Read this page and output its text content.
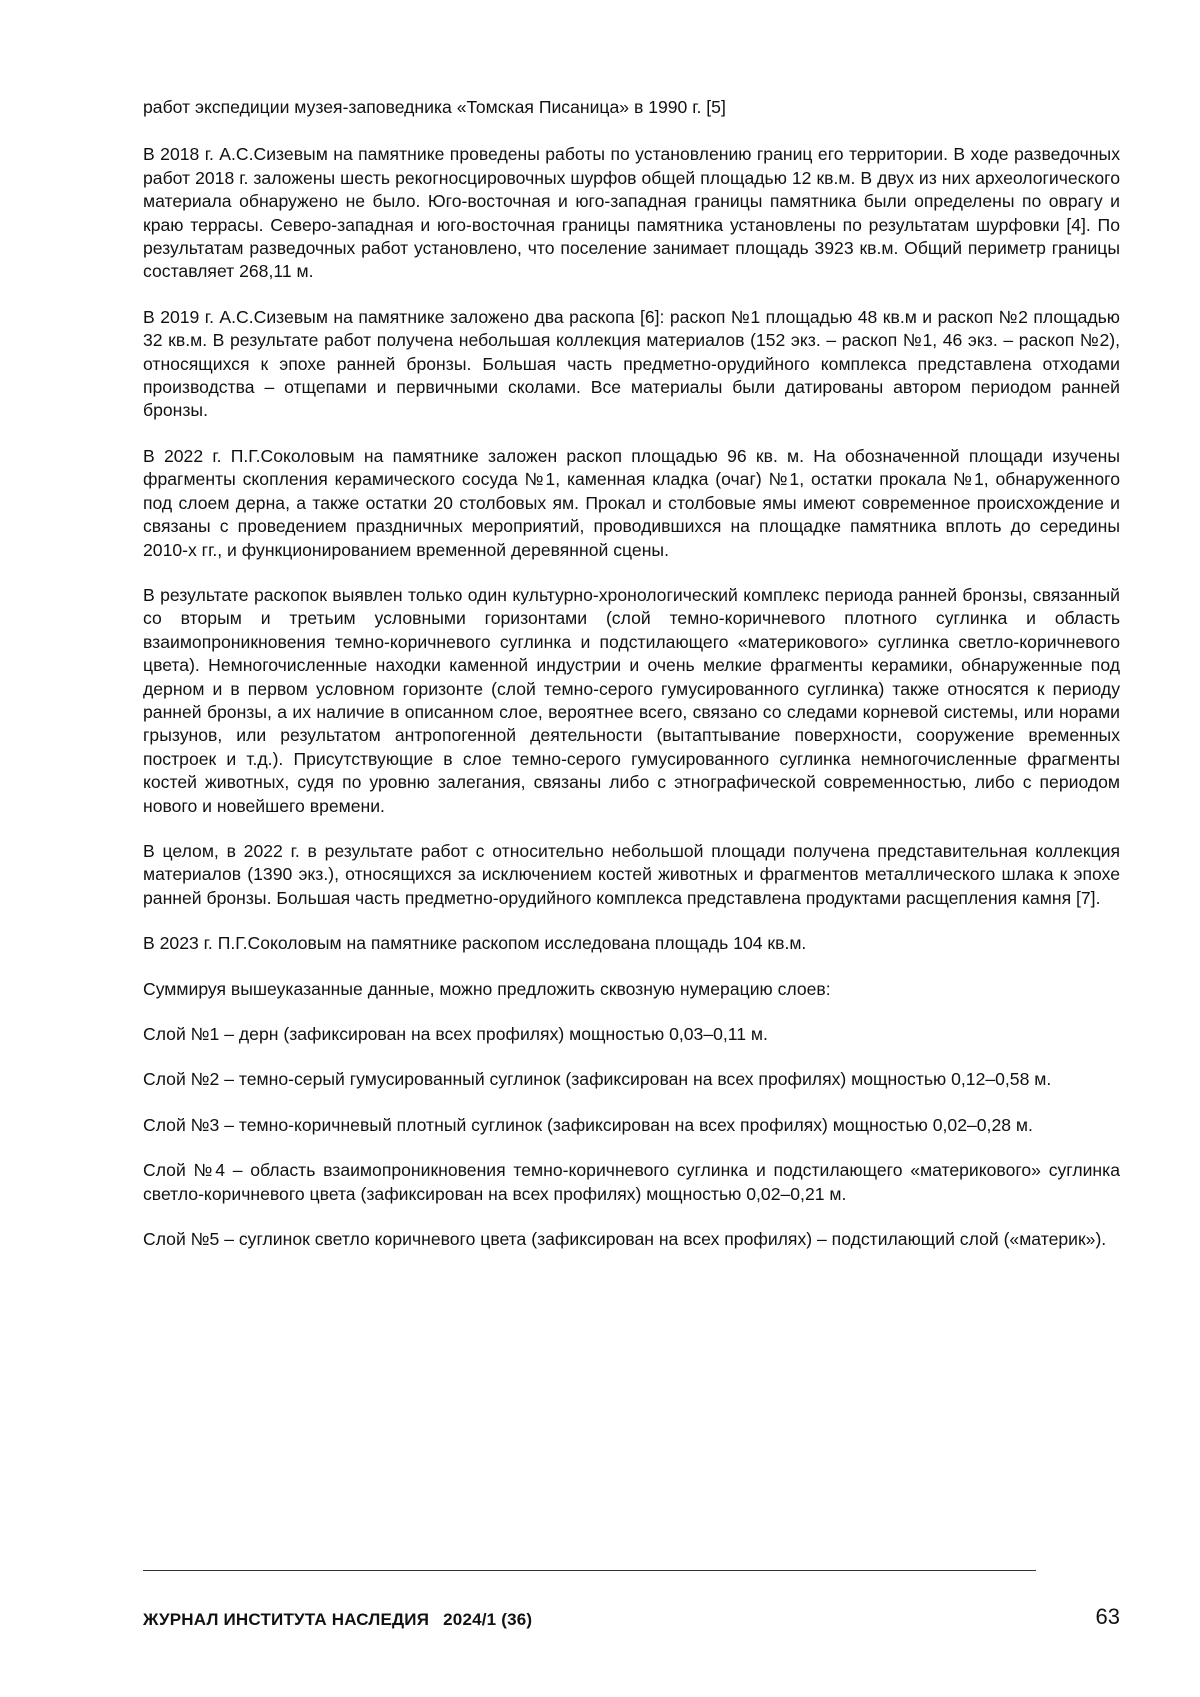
работ экспедиции музея-заповедника «Томская Писаница» в 1990 г. [5]

В 2018 г. А.С.Сизевым на памятнике проведены работы по установлению границ его территории. В ходе разведочных работ 2018 г. заложены шесть рекогносцировочных шурфов общей площадью 12 кв.м. В двух из них археологического материала обнаружено не было. Юго-восточная и юго-западная границы памятника были определены по оврагу и краю террасы. Северо-западная и юго-восточная границы памятника установлены по результатам шурфовки [4]. По результатам разведочных работ установлено, что поселение занимает площадь 3923 кв.м. Общий периметр границы составляет 268,11 м.

В 2019 г. А.С.Сизевым на памятнике заложено два раскопа [6]: раскоп №1 площадью 48 кв.м и раскоп №2 площадью 32 кв.м. В результате работ получена небольшая коллекция материалов (152 экз. – раскоп №1, 46 экз. – раскоп №2), относящихся к эпохе ранней бронзы. Большая часть предметно-орудийного комплекса представлена отходами производства – отщепами и первичными сколами. Все материалы были датированы автором периодом ранней бронзы.

В 2022 г. П.Г.Соколовым на памятнике заложен раскоп площадью 96 кв. м. На обозначенной площади изучены фрагменты скопления керамического сосуда №1, каменная кладка (очаг) №1, остатки прокала №1, обнаруженного под слоем дерна, а также остатки 20 столбовых ям. Прокал и столбовые ямы имеют современное происхождение и связаны с проведением праздничных мероприятий, проводившихся на площадке памятника вплоть до середины 2010-х гг., и функционированием временной деревянной сцены.

В результате раскопок выявлен только один культурно-хронологический комплекс периода ранней бронзы, связанный со вторым и третьим условными горизонтами (слой темно-коричневого плотного суглинка и область взаимопроникновения темно-коричневого суглинка и подстилающего «материкового» суглинка светло-коричневого цвета). Немногочисленные находки каменной индустрии и очень мелкие фрагменты керамики, обнаруженные под дерном и в первом условном горизонте (слой темно-серого гумусированного суглинка) также относятся к периоду ранней бронзы, а их наличие в описанном слое, вероятнее всего, связано со следами корневой системы, или норами грызунов, или результатом антропогенной деятельности (вытаптывание поверхности, сооружение временных построек и т.д.). Присутствующие в слое темно-серого гумусированного суглинка немногочисленные фрагменты костей животных, судя по уровню залегания, связаны либо с этнографической современностью, либо с периодом нового и новейшего времени.

В целом, в 2022 г. в результате работ с относительно небольшой площади получена представительная коллекция материалов (1390 экз.), относящихся за исключением костей животных и фрагментов металлического шлака к эпохе ранней бронзы. Большая часть предметно-орудийного комплекса представлена продуктами расщепления камня [7].

В 2023 г. П.Г.Соколовым на памятнике раскопом исследована площадь 104 кв.м.

Суммируя вышеуказанные данные, можно предложить сквозную нумерацию слоев:

Слой №1 – дерн (зафиксирован на всех профилях) мощностью 0,03–0,11 м.

Слой №2 – темно-серый гумусированный суглинок (зафиксирован на всех профилях) мощностью 0,12–0,58 м.

Слой №3 – темно-коричневый плотный суглинок (зафиксирован на всех профилях) мощностью 0,02–0,28 м.

Слой №4 – область взаимопроникновения темно-коричневого суглинка и подстилающего «материкового» суглинка светло-коричневого цвета (зафиксирован на всех профилях) мощностью 0,02–0,21 м.

Слой №5 – суглинок светло коричневого цвета (зафиксирован на всех профилях) – подстилающий слой («материк»).

ЖУРНАЛ ИНСТИТУТА НАСЛЕДИЯ 2024/1 (36)	63
